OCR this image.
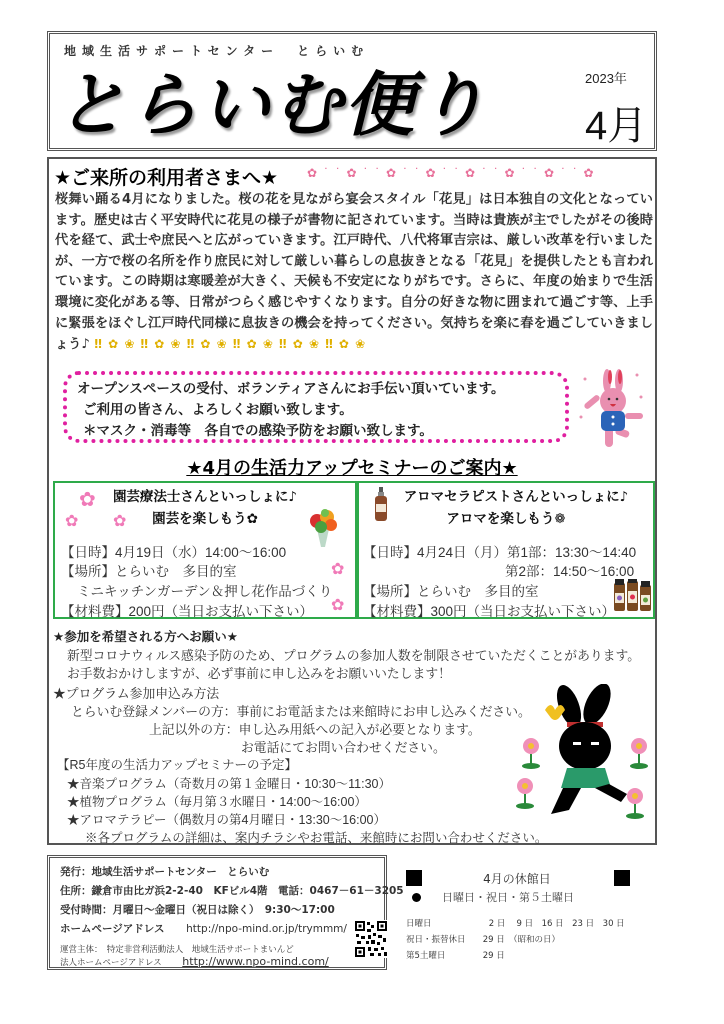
地域生活サポートセンター　とらいむ
とらいむ便り	2023年
4月
★ご来所の利用者さまへ★ ✿ ˙ ˙ ✿ ˙ ˙ ✿ ˙ ˙ ✿ ˙ ˙ ✿ ˙ ˙ ✿ ˙ ˙ ✿ ˙ ˙ ✿
桜舞い踊る4月になりました。桜の花を見ながら宴会スタイル「花見」は日本独自の文化となっています。歴史は古く平安時代に花見の様子が書物に記されています。当時は貴族が主でしたがその後時代を経て、武士や庶民へと広がっていきます。江戸時代、八代将軍吉宗は、厳しい改革を行いましたが、一方で桜の名所を作り庶民に対して厳しい暮らしの息抜きとなる「花見」を提供したとも言われています。この時期は寒暖差が大きく、天候も不安定になりがちです。さらに、年度の始まりで生活環境に変化がある等、日常がつらく感じやすくなります。自分の好きな物に囲まれて過ごす等、上手に緊張をほぐし江戸時代同様に息抜きの機会を持ってください。気持ちを楽に春を過ごしていきましょう♪ ‼ ✿ ❀ ‼ ✿ ❀ ‼ ✿ ❀ ‼ ✿ ❀ ‼ ✿ ❀ ‼ ✿ ❀
オープンスペースの受付、ボランティアさんにお手伝い頂いています。
ご利用の皆さん、よろしくお願い致します。
＊マスク・消毒等　各自での感染予防をお願い致します。
★4月の生活力アップセミナーのご案内★
✿
✿ ✿
✿
✿
園芸療法士さんといっしょに♪
園芸を楽しもう✿
【日時】4月19日（水）14:00～16:00
【場所】とらいむ　多目的室
ミニキッチンガーデン＆押し花作品づくり
【材料費】200円（当日お支払い下さい）
アロマセラピストさんといっしょに♪
アロマを楽しもう❁
【日時】4月24日（月）第1部：13:30～14:40
第2部：14:50～16:00
【場所】とらいむ　多目的室
【材料費】300円（当日お支払い下さい）
★参加を希望される方へお願い★
新型コロナウィルス感染予防のため、プログラムの参加人数を制限させていただくことがあります。
お手数おかけしますが、必ず事前に申し込みをお願いいたします！
★プログラム参加申込み方法
とらいむ登録メンバーの方：事前にお電話または来館時にお申し込みください。
上記以外の方：申し込み用紙への記入が必要となります。
お電話にてお問い合わせください。
【R5年度の生活力アップセミナーの予定】
★音楽プログラム（奇数月の第１金曜日・10:30～11:30）
★植物プログラム（毎月第３水曜日・14:00～16:00）
★アロマテラピー（偶数月の第4月曜日・13:30～16:00）
※各プログラムの詳細は、案内チラシやお電話、来館時にお問い合わせください。
発行：地域生活サポートセンター　とらいむ
住所：鎌倉市由比ガ浜2-2-40　KFビル4階　電話：0467－61－3205
受付時間：月曜日～金曜日（祝日は除く）　9:30～17:00
ホームページアドレス http://npo-mind.or.jp/trymmm/
運営主体：　特定非営利活動法人　地域生活サポートまいんど
法人ホームページアドレス http://www.npo-mind.com/
4月の休館日
日曜日・祝日・第５土曜日
日曜日	2 日　 9 日　16 日　23 日　30 日
祝日・振替休日 29 日　（昭和の日）
第5土曜日	29 日
